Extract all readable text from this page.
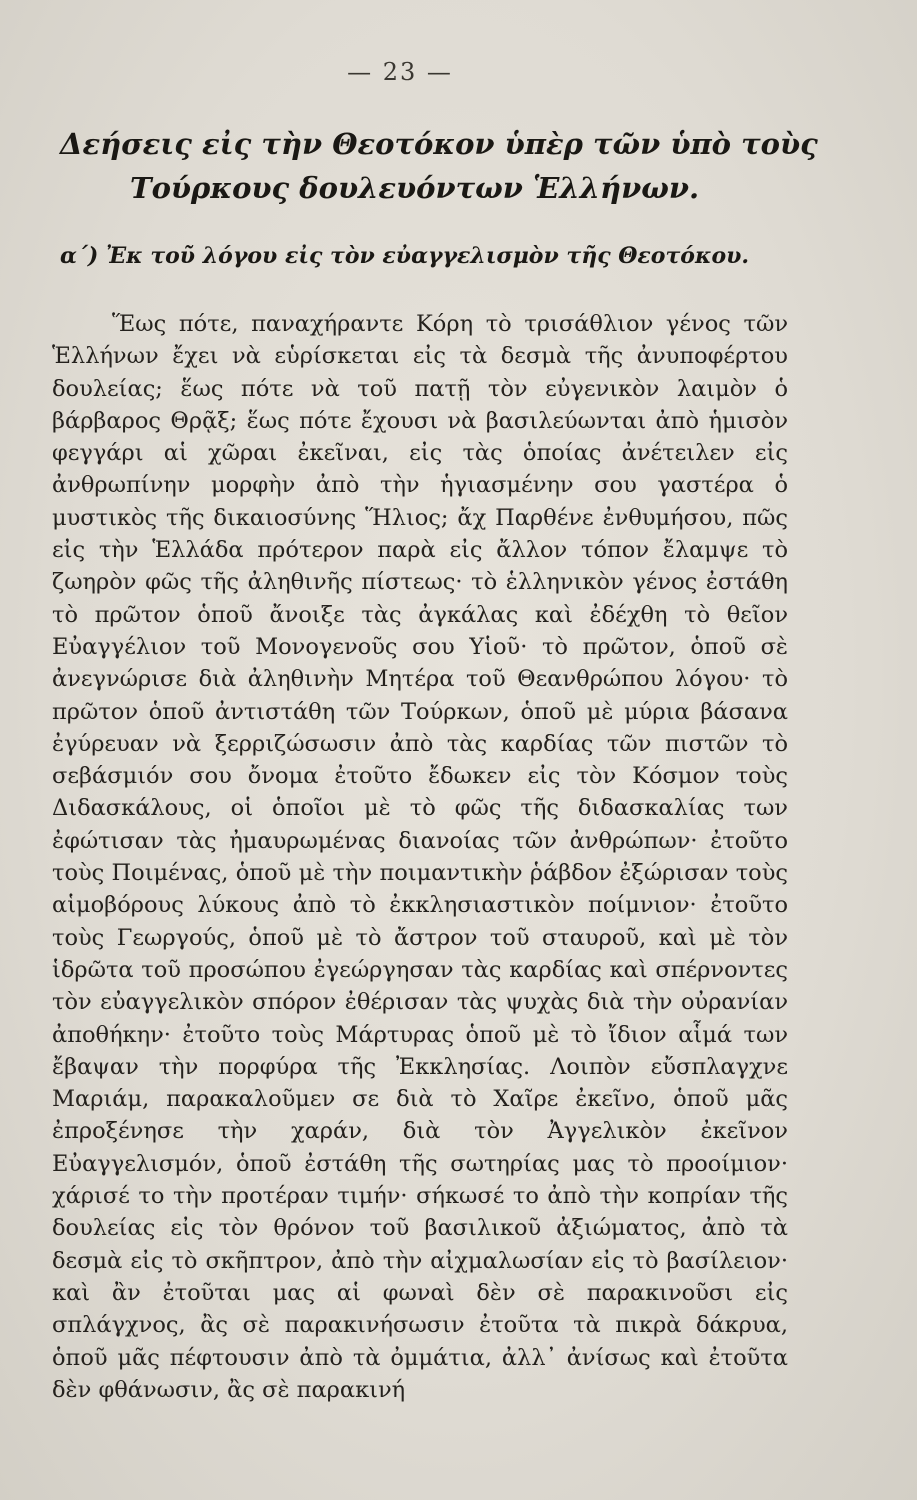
— 23 —
Δεήσεις εἰς τὴν Θεοτόκον ὑπὲρ τῶν ὑπὸ τοὺς
Τούρκους δουλευόντων Ἑλλήνων.
α΄) Ἐκ τοῦ λόγου εἰς τὸν εὐαγγελισμὸν τῆς Θεοτόκου.

Ἕως πότε, παναχήραντε Κόρη τὸ τρισάθλιον γένος τῶν Ἑλλήνων ἔχει νὰ εὑρίσκεται εἰς τὰ δεσμὰ τῆς ἀνυποφέρτου δουλείας; ἕως πότε νὰ τοῦ πατῇ τὸν εὐγενικὸν λαιμὸν ὁ βάρβαρος Θρᾷξ; ἕως πότε ἔχουσι νὰ βασιλεύωνται ἀπὸ ἡμισὸν φεγγάρι αἱ χῶραι ἐκεῖναι, εἰς τὰς ὁποίας ἀνέτειλεν εἰς ἀνθρωπίνην μορφὴν ἀπὸ τὴν ἡγιασμένην σου γαστέρα ὁ μυστικὸς τῆς δικαιοσύνης Ἥλιος; ἄχ Παρθένε ἐνθυμήσου, πῶς εἰς τὴν Ἑλλάδα πρότερον παρὰ εἰς ἄλλον τόπον ἔλαμψε τὸ ζωηρὸν φῶς τῆς ἀληθινῆς πίστεως· τὸ ἑλληνικὸν γένος ἐστάθη τὸ πρῶτον ὁποῦ ἄνοιξε τὰς ἀγκάλας καὶ ἐδέχθη τὸ θεῖον Εὐαγγέλιον τοῦ Μονογενοῦς σου Υἱοῦ· τὸ πρῶτον, ὁποῦ σὲ ἀνεγνώρισε διὰ ἀληθινὴν Μητέρα τοῦ Θεανθρώπου λόγου· τὸ πρῶτον ὁποῦ ἀντιστάθη τῶν Τούρκων, ὁποῦ μὲ μύρια βάσανα ἐγύρευαν νὰ ξερριζώσωσιν ἀπὸ τὰς καρδίας τῶν πιστῶν τὸ σεβάσμιόν σου ὄνομα ἐτοῦτο ἔδωκεν εἰς τὸν Κόσμον τοὺς Διδασκάλους, οἱ ὁποῖοι μὲ τὸ φῶς τῆς διδασκαλίας των ἐφώτισαν τὰς ἠμαυρωμένας διανοίας τῶν ἀνθρώπων· ἐτοῦτο τοὺς Ποιμένας, ὁποῦ μὲ τὴν ποιμαντικὴν ῥάβδον ἐξώρισαν τοὺς αἱμοβόρους λύκους ἀπὸ τὸ ἐκκλησιαστικὸν ποίμνιον· ἐτοῦτο τοὺς Γεωργούς, ὁποῦ μὲ τὸ ἄστρον τοῦ σταυροῦ, καὶ μὲ τὸν ἱδρῶτα τοῦ προσώπου ἐγεώργησαν τὰς καρδίας καὶ σπέρνοντες τὸν εὐαγγελικὸν σπόρον ἐθέρισαν τὰς ψυχὰς διὰ τὴν οὐρανίαν ἀποθήκην· ἐτοῦτο τοὺς Μάρτυρας ὁποῦ μὲ τὸ ἴδιον αἷμά των ἔβαψαν τὴν πορφύρα τῆς Ἐκκλησίας. Λοιπὸν εὔσπλαγχνε Μαριάμ, παρακαλοῦμεν σε διὰ τὸ Χαῖρε ἐκεῖνο, ὁποῦ μᾶς ἐπροξένησε τὴν χαράν, διὰ τὸν Ἀγγελικὸν ἐκεῖνον Εὐαγγελισμόν, ὁποῦ ἐστάθη τῆς σωτηρίας μας τὸ προοίμιον· χάρισέ το τὴν προτέραν τιμήν· σήκωσέ το ἀπὸ τὴν κοπρίαν τῆς δουλείας εἰς τὸν θρόνον τοῦ βασιλικοῦ ἀξιώματος, ἀπὸ τὰ δεσμὰ εἰς τὸ σκῆπτρον, ἀπὸ τὴν αἰχμαλωσίαν εἰς τὸ βασίλειον· καὶ ἂν ἐτοῦται μας αἱ φωναὶ δὲν σὲ παρακινοῦσι εἰς σπλάγχνος, ἂς σὲ παρακινήσωσιν ἐτοῦτα τὰ πικρὰ δάκρυα, ὁποῦ μᾶς πέφτουσιν ἀπὸ τὰ ὀμμάτια, ἀλλ᾿ ἀνίσως καὶ ἐτοῦτα δὲν φθάνωσιν, ἂς σὲ παρακινή
